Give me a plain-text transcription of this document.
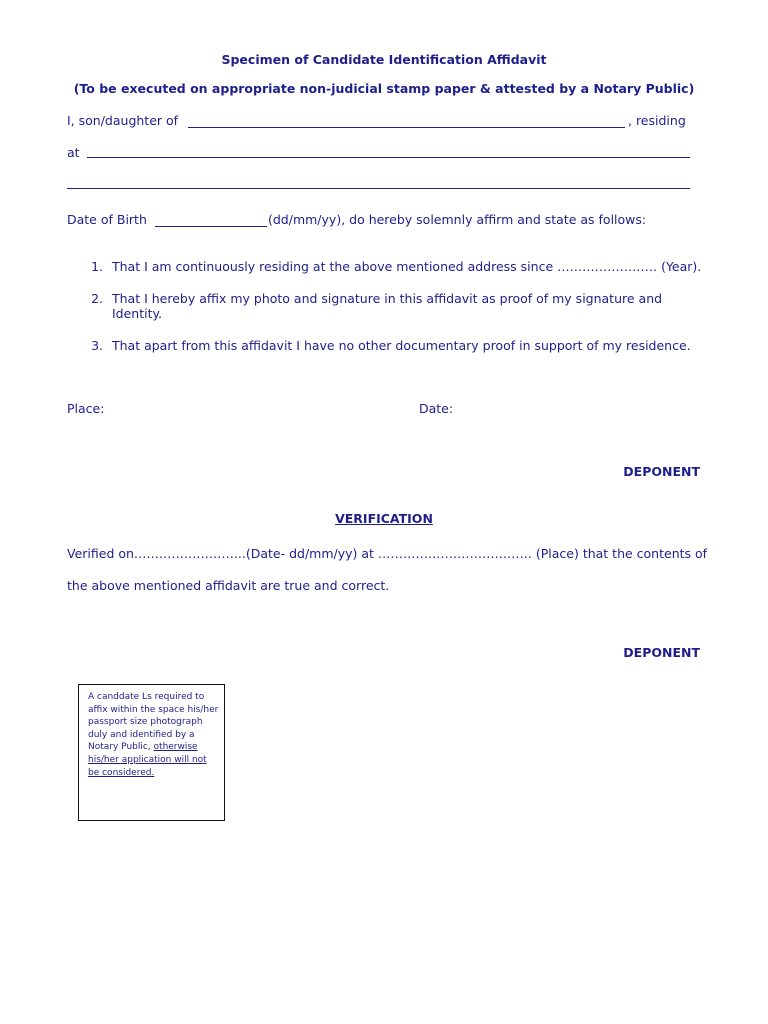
Specimen of Candidate Identification Affidavit
(To be executed on appropriate non-judicial stamp paper & attested by a Notary Public)
I, son/daughter of	, residing
at
Date of Birth	(dd/mm/yy), do hereby solemnly affirm and state as follows:
1. That I am continuously residing at the above mentioned address since …………………… (Year).
2. That I hereby affix my photo and signature in this affidavit as proof of my signature and Identity.
3. That apart from this affidavit I have no other documentary proof in support of my residence.
Place:	Date:
DEPONENT
VERIFICATION
Verified on……………………...(Date- dd/mm/yy) at ………………………………. (Place) that the contents of
the above mentioned affidavit are true and correct.
DEPONENT
A canddate Ls required to affix within the space his/her passport size photograph duly and identified by a Notary Public, otherwise his/her application will not be considered.
